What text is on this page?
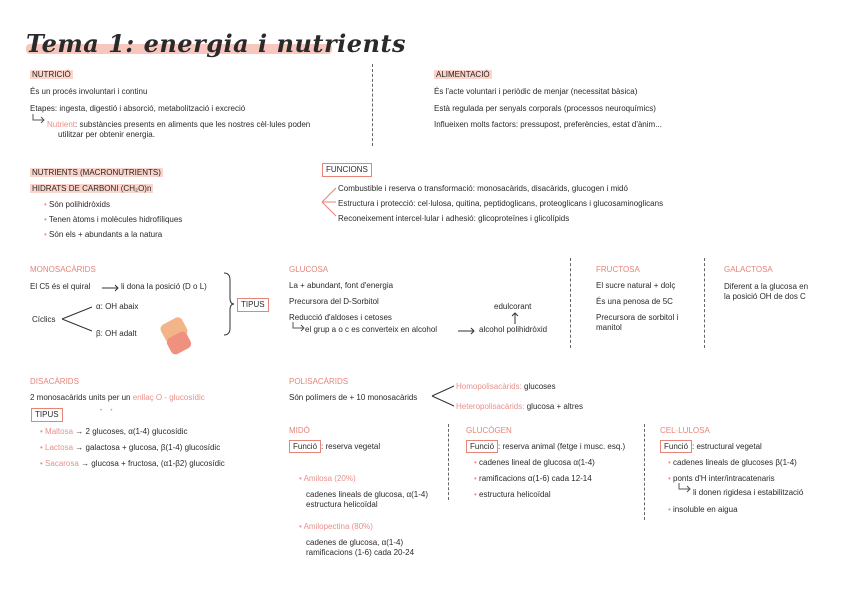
Tema 1: energia i nutrients
NUTRICIÓ
És un procés involuntari i continu
Etapes: ingesta, digestió i absorció, metabolització i excreció
Nutrient: substàncies presents en aliments que les nostres cèl·lules poden
utilitzar per obtenir energia.
ALIMENTACIÓ
És l'acte voluntari i periòdic de menjar (necessitat bàsica)
Està regulada per senyals corporals (processos neuroquímics)
Influeixen molts factors: pressupost, preferències, estat d'ànim...
NUTRIENTS (MACRONUTRIENTS)
HIDRATS DE CARBONI (CH₂O)n
• Són polihidròxids
• Tenen àtoms i molècules hidrofíliques
• Són els + abundants a la natura
FUNCIONS
Combustible i reserva o transformació: monosacàrids, disacàrids, glucogen i midó
Estructura i protecció: cel·lulosa, quitina, peptidoglicans, proteoglicans i glucosaminoglicans
Reconeixement intercel·lular i adhesió: glicoproteïnes i glicolípids
MONOSACÀRIDS
El C5 és el quiral	li dona la posició (D o L)
Cíclics
α: OH abaix
β: OH adalt
TIPUS
GLUCOSA
La + abundant, font d'energia
Precursora del D-Sorbitol
edulcorant
Reducció d'aldoses i cetoses
el grup a o c es converteix en alcohol	alcohol polihidròxid
FRUCTOSA
El sucre natural + dolç
És una penosa de 5C
Precursora de sorbitol i
manitol
GALACTOSA
Diferent a la glucosa en
la posició OH de dos C
DISACÀRIDS
2 monosacàrids units per un enllaç O - glucosídic
TIPUS	•     •
• Maltosa → 2 glucoses, α(1-4) glucosídic
• Lactosa → galactosa + glucosa, β(1-4) glucosídic
• Sacarosa → glucosa + fructosa, (α1-β2) glucosídic
POLISACÀRIDS
Són polímers de + 10 monosacàrids
Homopolisacàrids: glucoses
Heteropolisacàrids: glucosa + altres
MIDÓ
Funció : reserva vegetal
• Amilosa (20%)
cadenes lineals de glucosa, α(1-4)
estructura helicoïdal
• Amilopectina (80%)
cadenes de glucosa, α(1-4)
ramificacions (1-6) cada 20-24
GLUCÒGEN
Funció : reserva animal (fetge i musc. esq.)
• cadenes lineal de glucosa α(1-4)
• ramificacions α(1-6) cada 12-14
• estructura helicoïdal
CEL·LULOSA
Funció : estructural vegetal
• cadenes lineals de glucoses β(1-4)
• ponts d'H inter/intracatenaris
li donen rigidesa i estabilització
• insoluble en aigua
